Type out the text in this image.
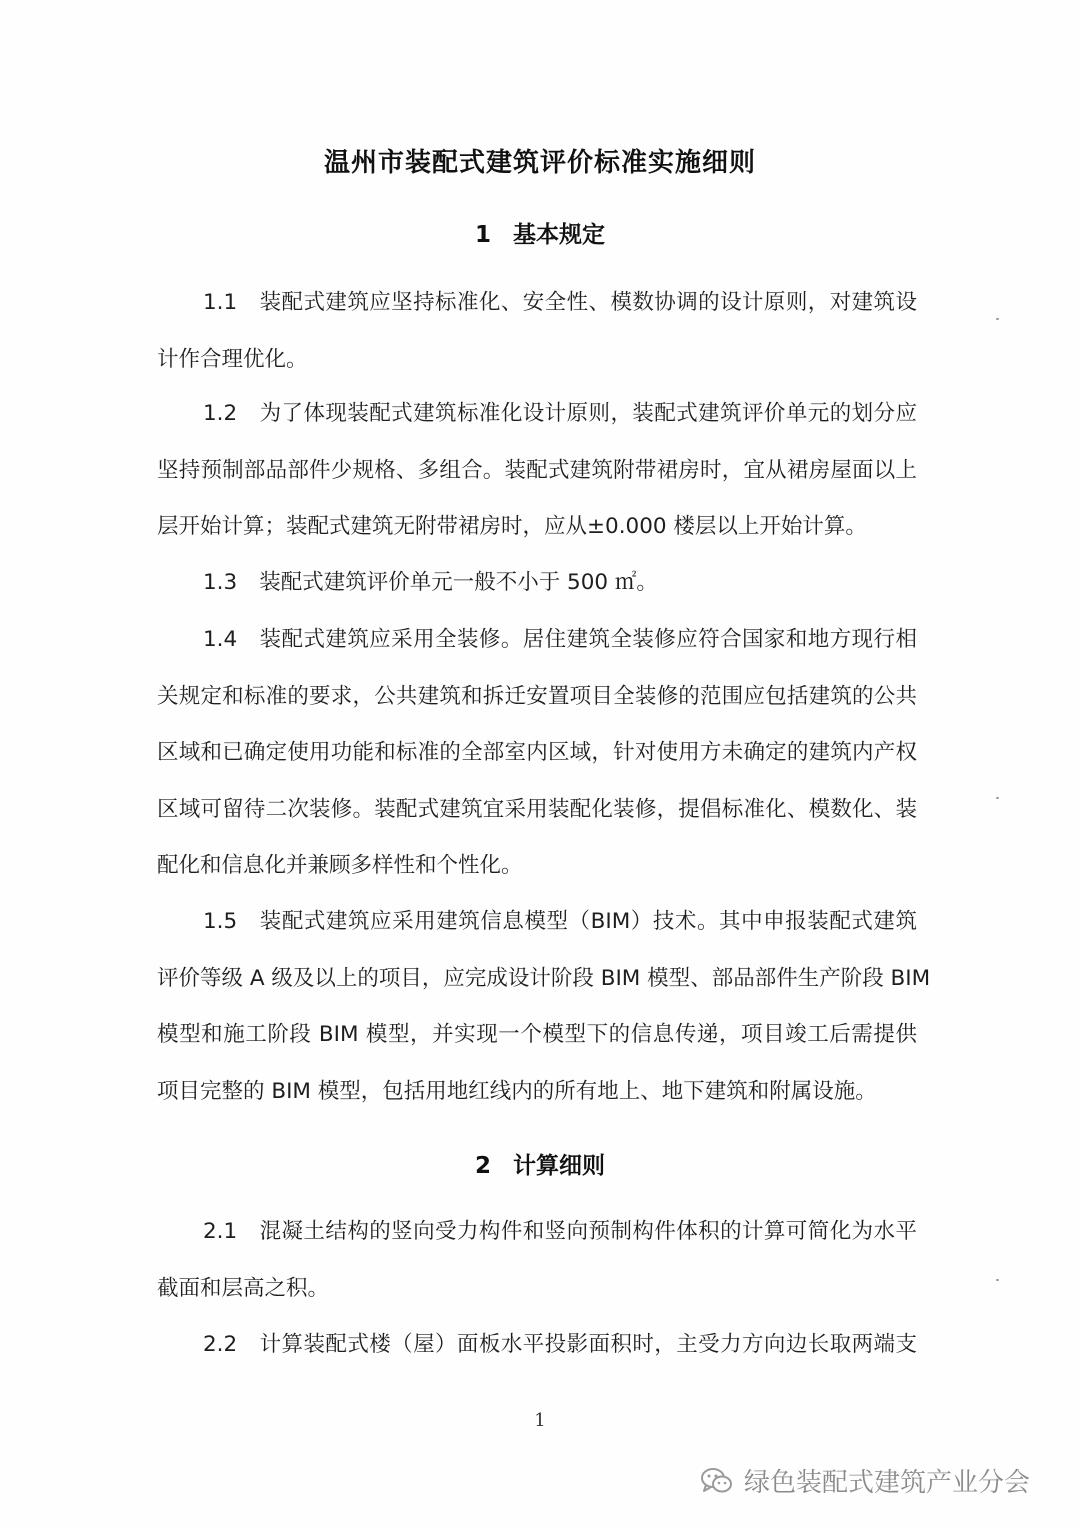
温州市装配式建筑评价标准实施细则
1 基本规定
1.1 装配式建筑应坚持标准化、安全性、模数协调的设计原则，对建筑设
计作合理优化。
1.2 为了体现装配式建筑标准化设计原则，装配式建筑评价单元的划分应
坚持预制部品部件少规格、多组合。装配式建筑附带裙房时，宜从裙房屋面以上
层开始计算；装配式建筑无附带裙房时，应从±0.000 楼层以上开始计算。
1.3 装配式建筑评价单元一般不小于 500 ㎡。
1.4 装配式建筑应采用全装修。居住建筑全装修应符合国家和地方现行相
关规定和标准的要求，公共建筑和拆迁安置项目全装修的范围应包括建筑的公共
区域和已确定使用功能和标准的全部室内区域，针对使用方未确定的建筑内产权
区域可留待二次装修。装配式建筑宜采用装配化装修，提倡标准化、模数化、装
配化和信息化并兼顾多样性和个性化。
1.5 装配式建筑应采用建筑信息模型（BIM）技术。其中申报装配式建筑
评价等级 A 级及以上的项目，应完成设计阶段 BIM 模型、部品部件生产阶段 BIM
模型和施工阶段 BIM 模型，并实现一个模型下的信息传递，项目竣工后需提供
项目完整的 BIM 模型，包括用地红线内的所有地上、地下建筑和附属设施。
2 计算细则
2.1 混凝土结构的竖向受力构件和竖向预制构件体积的计算可简化为水平
截面和层高之积。
2.2 计算装配式楼（屋）面板水平投影面积时，主受力方向边长取两端支
1
绿色装配式建筑产业分会
